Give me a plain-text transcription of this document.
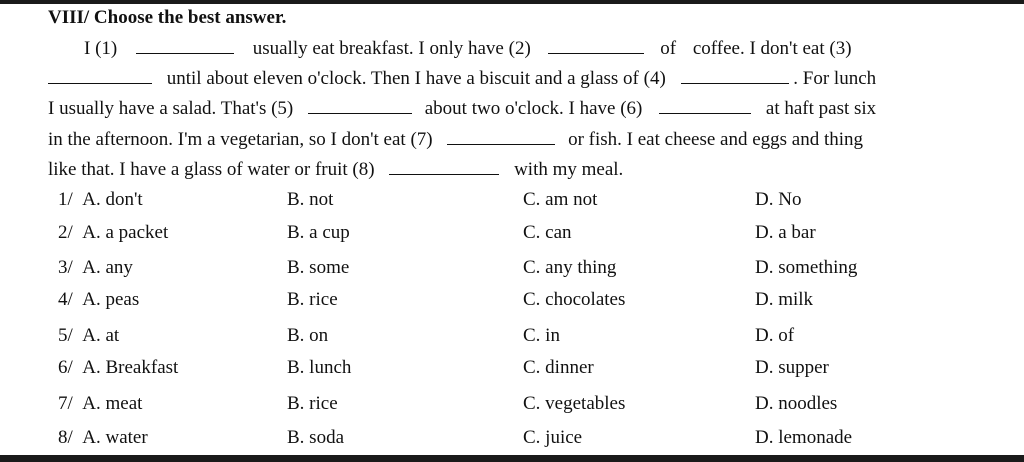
VIII/ Choose the best answer.
I (1)	usually eat breakfast. I only have (2)	of coffee. I don't eat (3)
until about eleven o'clock. Then I have a biscuit and a glass of (4)	. For lunch
I usually have a salad. That's (5)	about two o'clock. I have (6)	at haft past six
in the afternoon. I'm a vegetarian, so I don't eat (7)	or fish. I eat cheese and eggs and thing
like that. I have a glass of water or fruit (8)	with my meal.
1/ A. don't	B. not	C. am not	D. No
2/ A. a packet	B. a cup	C. can	D. a bar
3/ A. any	B. some	C. any thing	D. something
4/ A. peas	B. rice	C. chocolates	D. milk
5/ A. at	B. on	C. in	D. of
6/ A. Breakfast	B. lunch	C. dinner	D. supper
7/ A. meat	B. rice	C. vegetables	D. noodles
8/ A. water	B. soda	C. juice	D. lemonade
